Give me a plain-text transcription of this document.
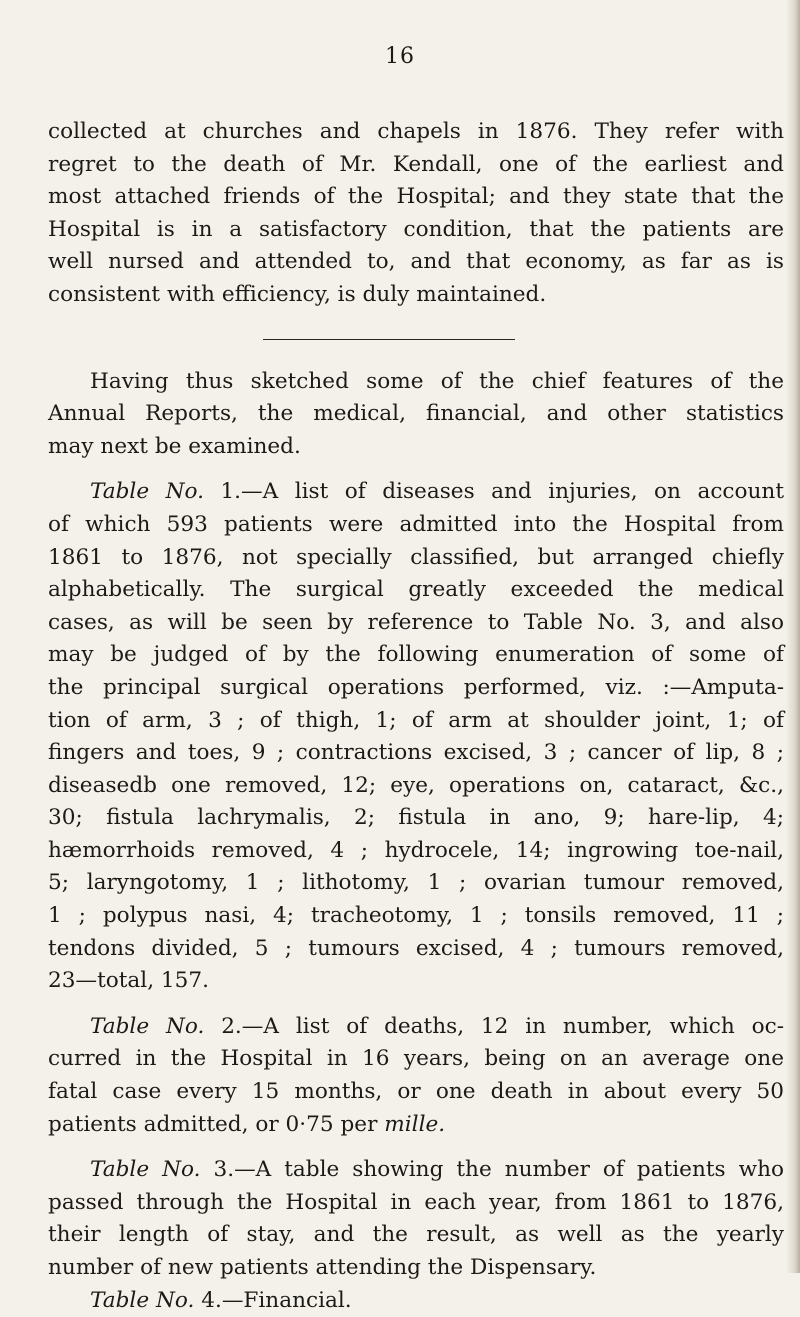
16
collected at churches and chapels in 1876. They refer with
regret to the death of Mr. Kendall, one of the earliest and
most attached friends of the Hospital; and they state that the
Hospital is in a satisfactory condition, that the patients are
well nursed and attended to, and that economy, as far as is
consistent with efficiency, is duly maintained.
Having thus sketched some of the chief features of the
Annual Reports, the medical, financial, and other statistics
may next be examined.
Table No. 1.—A list of diseases and injuries, on account
of which 593 patients were admitted into the Hospital from
1861 to 1876, not specially classified, but arranged chiefly
alphabetically. The surgical greatly exceeded the medical
cases, as will be seen by reference to Table No. 3, and also
may be judged of by the following enumeration of some of
the principal surgical operations performed, viz. :—Amputa-
tion of arm, 3 ; of thigh, 1; of arm at shoulder joint, 1; of
fingers and toes, 9 ; contractions excised, 3 ; cancer of lip, 8 ;
diseasedb one removed, 12; eye, operations on, cataract, &c.,
30; fistula lachrymalis, 2; fistula in ano, 9; hare-lip, 4;
hæmorrhoids removed, 4 ; hydrocele, 14; ingrowing toe-nail,
5; laryngotomy, 1 ; lithotomy, 1 ; ovarian tumour removed,
1 ; polypus nasi, 4; tracheotomy, 1 ; tonsils removed, 11 ;
tendons divided, 5 ; tumours excised, 4 ; tumours removed,
23—total, 157.
Table No. 2.—A list of deaths, 12 in number, which oc-
curred in the Hospital in 16 years, being on an average one
fatal case every 15 months, or one death in about every 50
patients admitted, or 0·75 per mille.
Table No. 3.—A table showing the number of patients who
passed through the Hospital in each year, from 1861 to 1876,
their length of stay, and the result, as well as the yearly
number of new patients attending the Dispensary.
Table No. 4.—Financial.
